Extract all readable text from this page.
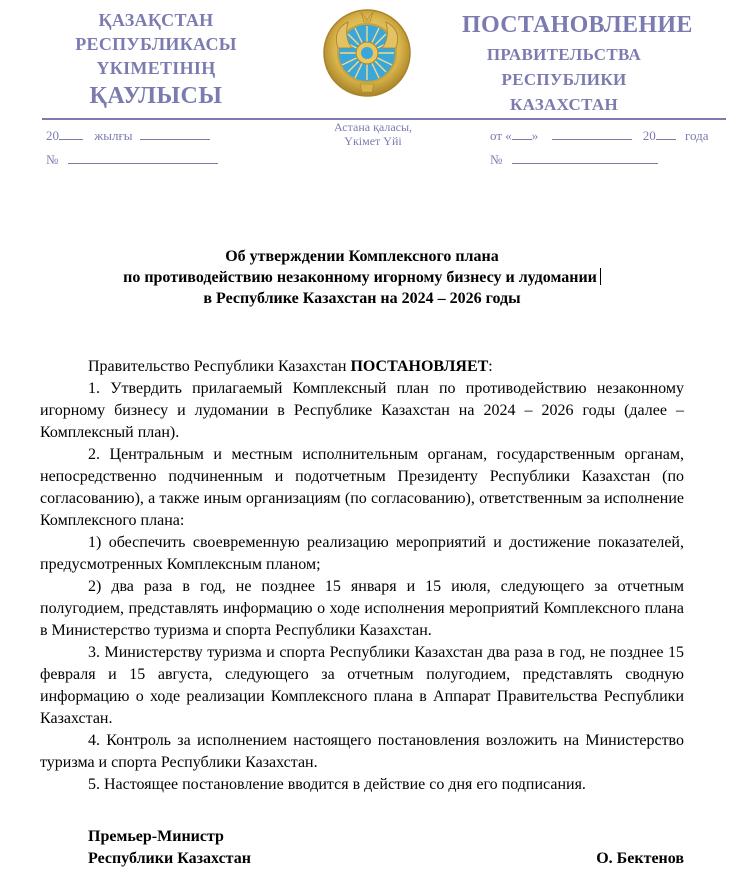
ҚАЗАҚСТАН
РЕСПУБЛИКАСЫ
ҮКІМЕТІНІҢ
ҚАУЛЫСЫ
ПОСТАНОВЛЕНИЕ
ПРАВИТЕЛЬСТВА
РЕСПУБЛИКИ
КАЗАХСТАН
Астана қаласы,
Үкімет Үйі
20	жылғы
№
от « »	20 года
№
Об утверждении Комплексного плана
по противодействию незаконному игорному бизнесу и лудомании
в Республике Казахстан на 2024 – 2026 годы

Правительство Республики Казахстан ПОСТАНОВЛЯЕТ:

1. Утвердить прилагаемый Комплексный план по противодействию незаконному игорному бизнесу и лудомании в Республике Казахстан на 2024 – 2026 годы (далее – Комплексный план).

2. Центральным и местным исполнительным органам, государственным органам, непосредственно подчиненным и подотчетным Президенту Республики Казахстан (по согласованию), а также иным организациям (по согласованию), ответственным за исполнение Комплексного плана:

1) обеспечить своевременную реализацию мероприятий и достижение показателей, предусмотренных Комплексным планом;

2) два раза в год, не позднее 15 января и 15 июля, следующего за отчетным полугодием, представлять информацию о ходе исполнения мероприятий Комплексного плана в Министерство туризма и спорта Республики Казахстан.

3. Министерству туризма и спорта Республики Казахстан два раза в год, не позднее 15 февраля и 15 августа, следующего за отчетным полугодием, представлять сводную информацию о ходе реализации Комплексного плана в Аппарат Правительства Республики Казахстан.

4. Контроль за исполнением настоящего постановления возложить на Министерство туризма и спорта Республики Казахстан.

5. Настоящее постановление вводится в действие со дня его подписания.

Премьер-Министр
Республики Казахстан	О. Бектенов
